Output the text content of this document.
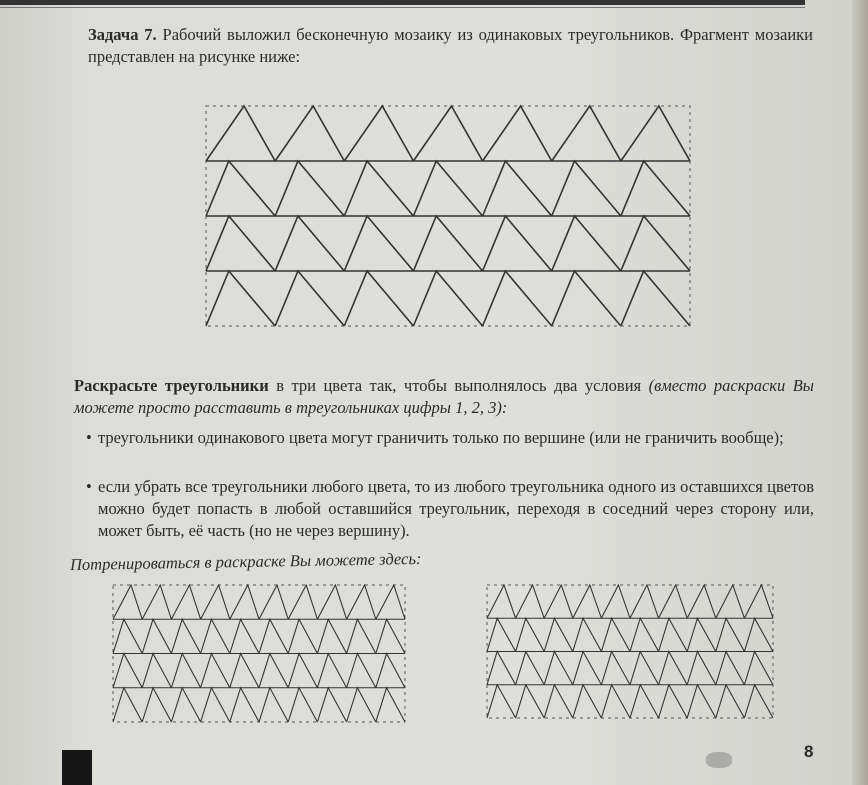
Задача 7. Рабочий выложил бесконечную мозаику из одинаковых треугольников. Фрагмент мозаики представлен на рисунке ниже:
Раскрасьте треугольники в три цвета так, чтобы выполнялось два условия (вместо раскраски Вы можете просто расставить в треугольниках цифры 1, 2, 3):
• треугольники одинакового цвета могут граничить только по вершине (или не граничить вообще);
• если убрать все треугольники любого цвета, то из любого треугольника одного из оставшихся цветов можно будет попасть в любой оставшийся треугольник, переходя в соседний через сторону или, может быть, её часть (но не через вершину).
Потренироваться в раскраске Вы можете здесь:
8
